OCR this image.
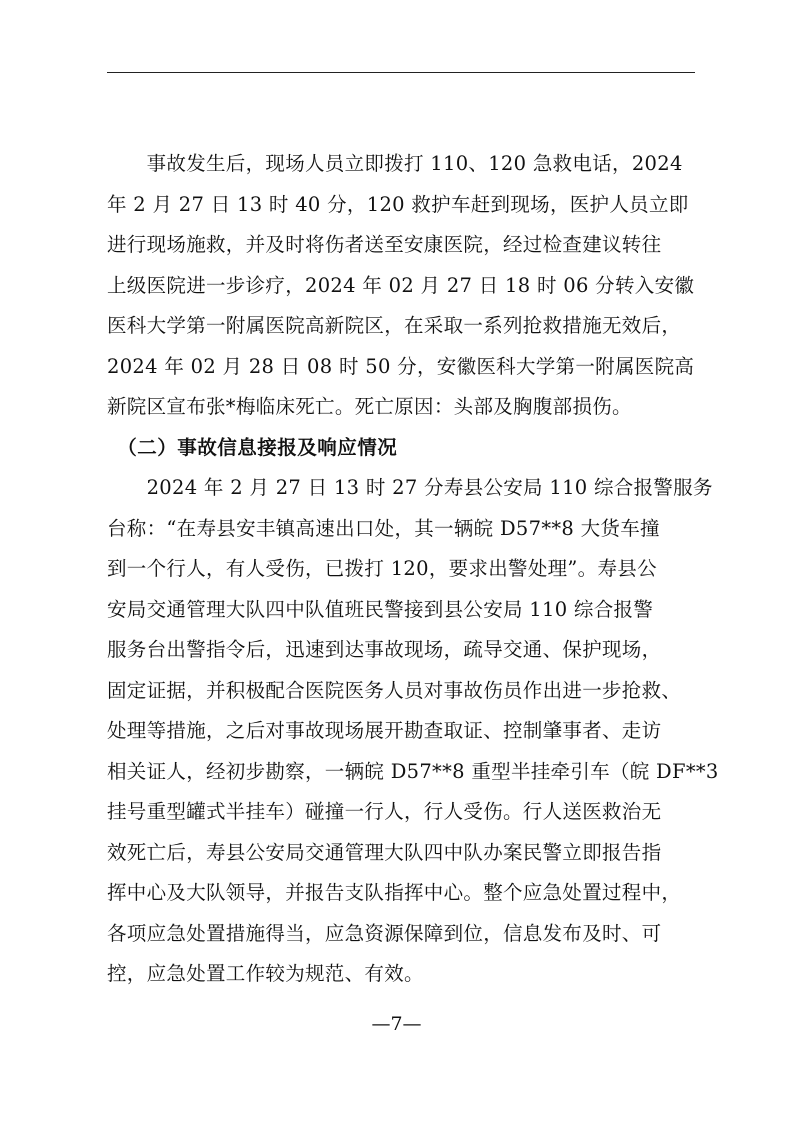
　　事故发生后，现场人员立即拨打 110、120 急救电话，2024
年 2 月 27 日 13 时 40 分，120 救护车赶到现场，医护人员立即
进行现场施救，并及时将伤者送至安康医院，经过检查建议转往
上级医院进一步诊疗，2024 年 02 月 27 日 18 时 06 分转入安徽
医科大学第一附属医院高新院区，在采取一系列抢救措施无效后，
2024 年 02 月 28 日 08 时 50 分，安徽医科大学第一附属医院高
新院区宣布张*梅临床死亡。死亡原因：头部及胸腹部损伤。
　（二）事故信息接报及响应情况
　　2024 年 2 月 27 日 13 时 27 分寿县公安局 110 综合报警服务
台称：“在寿县安丰镇高速出口处，其一辆皖 D57**8 大货车撞
到一个行人，有人受伤，已拨打 120，要求出警处理”。寿县公
安局交通管理大队四中队值班民警接到县公安局 110 综合报警
服务台出警指令后，迅速到达事故现场，疏导交通、保护现场，
固定证据，并积极配合医院医务人员对事故伤员作出进一步抢救、
处理等措施，之后对事故现场展开勘查取证、控制肇事者、走访
相关证人，经初步勘察，一辆皖 D57**8 重型半挂牵引车（皖 DF**3
挂号重型罐式半挂车）碰撞一行人，行人受伤。行人送医救治无
效死亡后，寿县公安局交通管理大队四中队办案民警立即报告指
挥中心及大队领导，并报告支队指挥中心。整个应急处置过程中，
各项应急处置措施得当，应急资源保障到位，信息发布及时、可
控，应急处置工作较为规范、有效。
—7—
